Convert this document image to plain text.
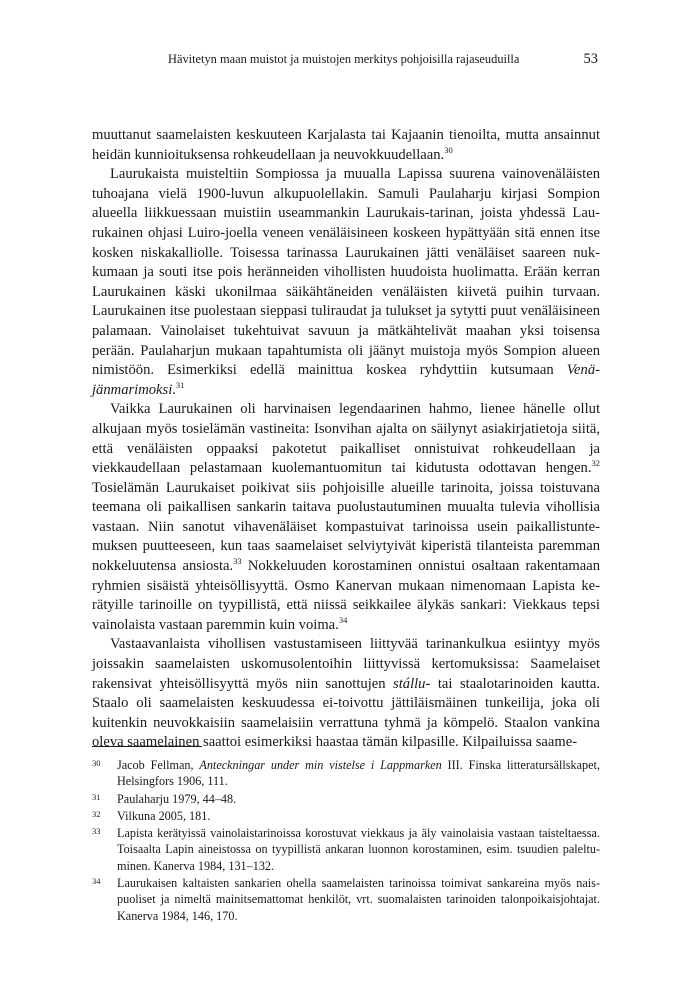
Hävitetyn maan muistot ja muistojen merkitys pohjoisilla rajaseuduilla	53

muuttanut saamelaisten keskuuteen Karjalasta tai Kajaanin tienoilta, mutta ansainnut heidän kunnioituksensa rohkeudellaan ja neuvokkuudellaan.$^{30}$

Laurukaista muisteltiin Sompiossa ja muualla Lapissa suurena vainovenäläisten tuhoajana vielä 1900-luvun alkupuolellakin. Samuli Paulaharju kirjasi Sompion alueella liikkuessaan muistiin useammankin Laurukais-tarinan, joista yhdessä Laurukainen ohjasi Luiro-joella veneen venäläisineen koskeen hypättyään sitä ennen itse kosken niskakalliolle. Toisessa tarinassa Laurukainen jätti venäläiset saareen nukkumaan ja souti itse pois heränneiden vihollisten huudoista huolimatta. Erään kerran Laurukainen käski ukonilmaa säikähtäneiden venäläisten kiivetä puihin turvaan. Laurukainen itse puolestaan sieppasi tuliraudat ja tulukset ja sytytti puut venäläisineen palamaan. Vainolaiset tukehtuivat savuun ja mätkähtelivät maahan yksi toisensa perään. Paulaharjun mukaan tapahtumista oli jäänyt muistoja myös Sompion alueen nimistöön. Esimerkiksi edellä mainittua koskea ryhdyttiin kutsumaan Venäjänmarimoksi.$^{31}$

Vaikka Laurukainen oli harvinaisen legendaarinen hahmo, lienee hänelle ollut alkujaan myös tosielämän vastineita: Isonvihan ajalta on säilynyt asiakirjatietoja siitä, että venäläisten oppaaksi pakotetut paikalliset onnistuivat rohkeudellaan ja viekkaudellaan pelastamaan kuolemantuomitun tai kidutusta odottavan hengen.$^{32}$ Tosielämän Laurukaiset poikivat siis pohjoisille alueille tarinoita, joissa toistuvana teemana oli paikallisen sankarin taitava puolustautuminen muualta tulevia vihollisia vastaan. Niin sanotut vihavenäläiset kompastuivat tarinoissa usein paikallistuntemuksen puutteeseen, kun taas saamelaiset selviytyivät kiperistä tilanteista paremman nokkeluutensa ansiosta.$^{33}$ Nokkeluuden korostaminen onnistui osaltaan rakentamaan ryhmien sisäistä yhteisöllisyyttä. Osmo Kanervan mukaan nimenomaan Lapista kerätyille tarinoille on tyypillistä, että niissä seikkailee älykäs sankari: Viekkaus tepsi vainolaista vastaan paremmin kuin voima.$^{34}$

Vastaavanlaista vihollisen vastustamiseen liittyvää tarinankulkua esiintyy myös joissakin saamelaisten uskomusolentoihin liittyvissä kertomuksissa: Saamelaiset rakensivat yhteisöllisyyttä myös niin sanottujen stállu- tai staalotarinoiden kautta. Staalo oli saamelaisten keskuudessa ei-toivottu jättiläismäinen tunkeilija, joka oli kuitenkin neuvokkaisiin saamelaisiin verrattuna tyhmä ja kömpelö. Staalon vankina oleva saamelainen saattoi esimerkiksi haastaa tämän kilpasille. Kilpailuissa saame-

30 Jacob Fellman, Anteckningar under min vistelse i Lappmarken III. Finska litteratursällskapet, Helsingfors 1906, 111.
31 Paulaharju 1979, 44–48.
32 Vilkuna 2005, 181.
33 Lapista kerätyissä vainolaistarinoissa korostuvat viekkaus ja äly vainolaisia vastaan taisteltaessa. Toisaalta Lapin aineistossa on tyypillistä ankaran luonnon korostaminen, esim. tsuudien paleltuminen. Kanerva 1984, 131–132.
34 Laurukaisen kaltaisten sankarien ohella saamelaisten tarinoissa toimivat sankareina myös naispuoliset ja nimeltä mainitsemattomat henkilöt, vrt. suomalaisten tarinoiden talonpoikaisjohtajat. Kanerva 1984, 146, 170.
